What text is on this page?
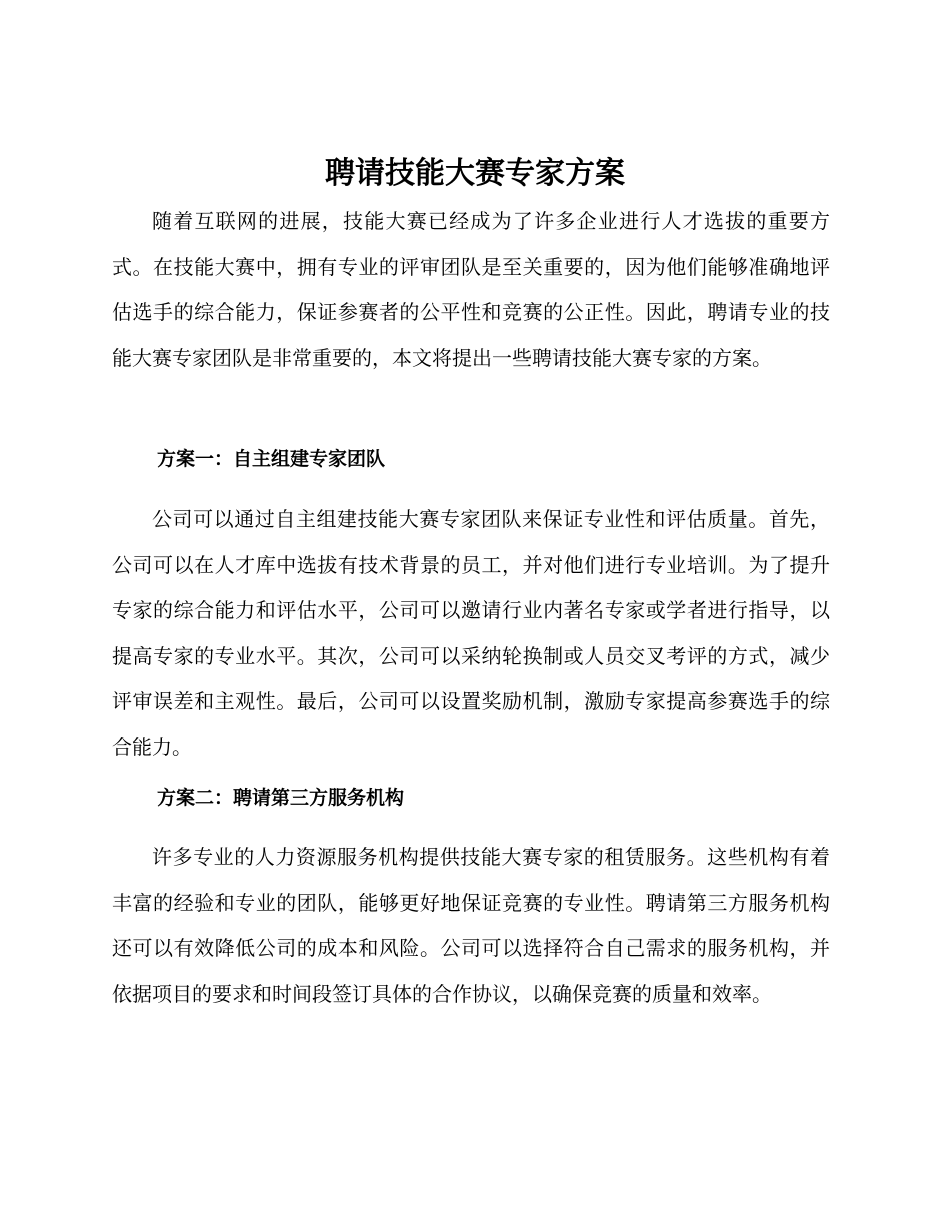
聘请技能大赛专家方案

随着互联网的进展，技能大赛已经成为了许多企业进行人才选拔的重要方式。在技能大赛中，拥有专业的评审团队是至关重要的，因为他们能够准确地评估选手的综合能力，保证参赛者的公平性和竞赛的公正性。因此，聘请专业的技能大赛专家团队是非常重要的，本文将提出一些聘请技能大赛专家的方案。

方案一：自主组建专家团队

公司可以通过自主组建技能大赛专家团队来保证专业性和评估质量。首先，公司可以在人才库中选拔有技术背景的员工，并对他们进行专业培训。为了提升专家的综合能力和评估水平，公司可以邀请行业内著名专家或学者进行指导，以提高专家的专业水平。其次，公司可以采纳轮换制或人员交叉考评的方式，减少评审误差和主观性。最后，公司可以设置奖励机制，激励专家提高参赛选手的综合能力。

方案二：聘请第三方服务机构

许多专业的人力资源服务机构提供技能大赛专家的租赁服务。这些机构有着丰富的经验和专业的团队，能够更好地保证竞赛的专业性。聘请第三方服务机构还可以有效降低公司的成本和风险。公司可以选择符合自己需求的服务机构，并依据项目的要求和时间段签订具体的合作协议，以确保竞赛的质量和效率。
